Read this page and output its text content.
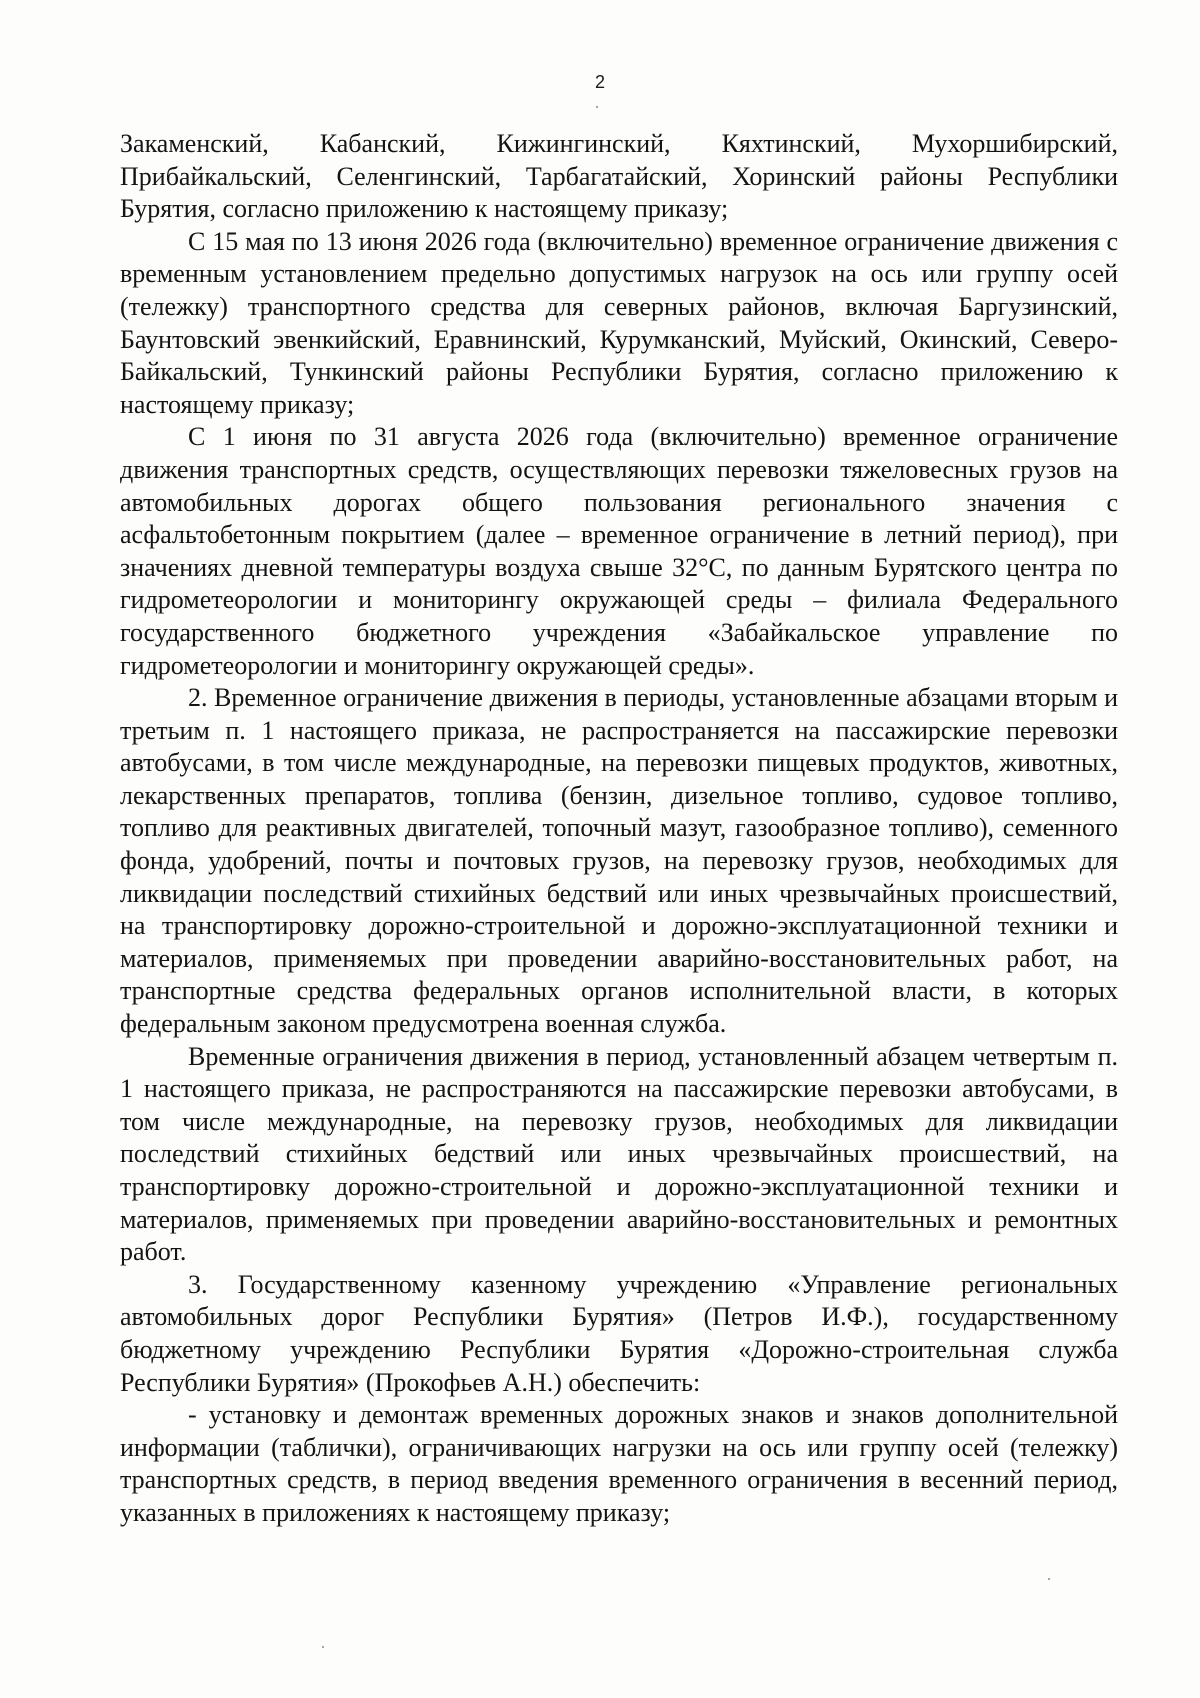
2

Закаменский, Кабанский, Кижингинский, Кяхтинский, Мухоршибирский, Прибайкальский, Селенгинский, Тарбагатайский, Хоринский районы Республики Бурятия, согласно приложению к настоящему приказу;

С 15 мая по 13 июня 2026 года (включительно) временное ограничение движения с временным установлением предельно допустимых нагрузок на ось или группу осей (тележку) транспортного средства для северных районов, включая Баргузинский, Баунтовский эвенкийский, Еравнинский, Курумканский, Муйский, Окинский, Северо-Байкальский, Тункинский районы Республики Бурятия, согласно приложению к настоящему приказу;

С 1 июня по 31 августа 2026 года (включительно) временное ограничение движения транспортных средств, осуществляющих перевозки тяжеловесных грузов на автомобильных дорогах общего пользования регионального значения с асфальтобетонным покрытием (далее – временное ограничение в летний период), при значениях дневной температуры воздуха свыше 32°С, по данным Бурятского центра по гидрометеорологии и мониторингу окружающей среды – филиала Федерального государственного бюджетного учреждения «Забайкальское управление по гидрометеорологии и мониторингу окружающей среды».

2. Временное ограничение движения в периоды, установленные абзацами вторым и третьим п. 1 настоящего приказа, не распространяется на пассажирские перевозки автобусами, в том числе международные, на перевозки пищевых продуктов, животных, лекарственных препаратов, топлива (бензин, дизельное топливо, судовое топливо, топливо для реактивных двигателей, топочный мазут, газообразное топливо), семенного фонда, удобрений, почты и почтовых грузов, на перевозку грузов, необходимых для ликвидации последствий стихийных бедствий или иных чрезвычайных происшествий, на транспортировку дорожно-строительной и дорожно-эксплуатационной техники и материалов, применяемых при проведении аварийно-восстановительных работ, на транспортные средства федеральных органов исполнительной власти, в которых федеральным законом предусмотрена военная служба.

Временные ограничения движения в период, установленный абзацем четвертым п. 1 настоящего приказа, не распространяются на пассажирские перевозки автобусами, в том числе международные, на перевозку грузов, необходимых для ликвидации последствий стихийных бедствий или иных чрезвычайных происшествий, на транспортировку дорожно-строительной и дорожно-эксплуатационной техники и материалов, применяемых при проведении аварийно-восстановительных и ремонтных работ.

3. Государственному казенному учреждению «Управление региональных автомобильных дорог Республики Бурятия» (Петров И.Ф.), государственному бюджетному учреждению Республики Бурятия «Дорожно-строительная служба Республики Бурятия» (Прокофьев А.Н.) обеспечить:

- установку и демонтаж временных дорожных знаков и знаков дополнительной информации (таблички), ограничивающих нагрузки на ось или группу осей (тележку) транспортных средств, в период введения временного ограничения в весенний период, указанных в приложениях к настоящему приказу;
